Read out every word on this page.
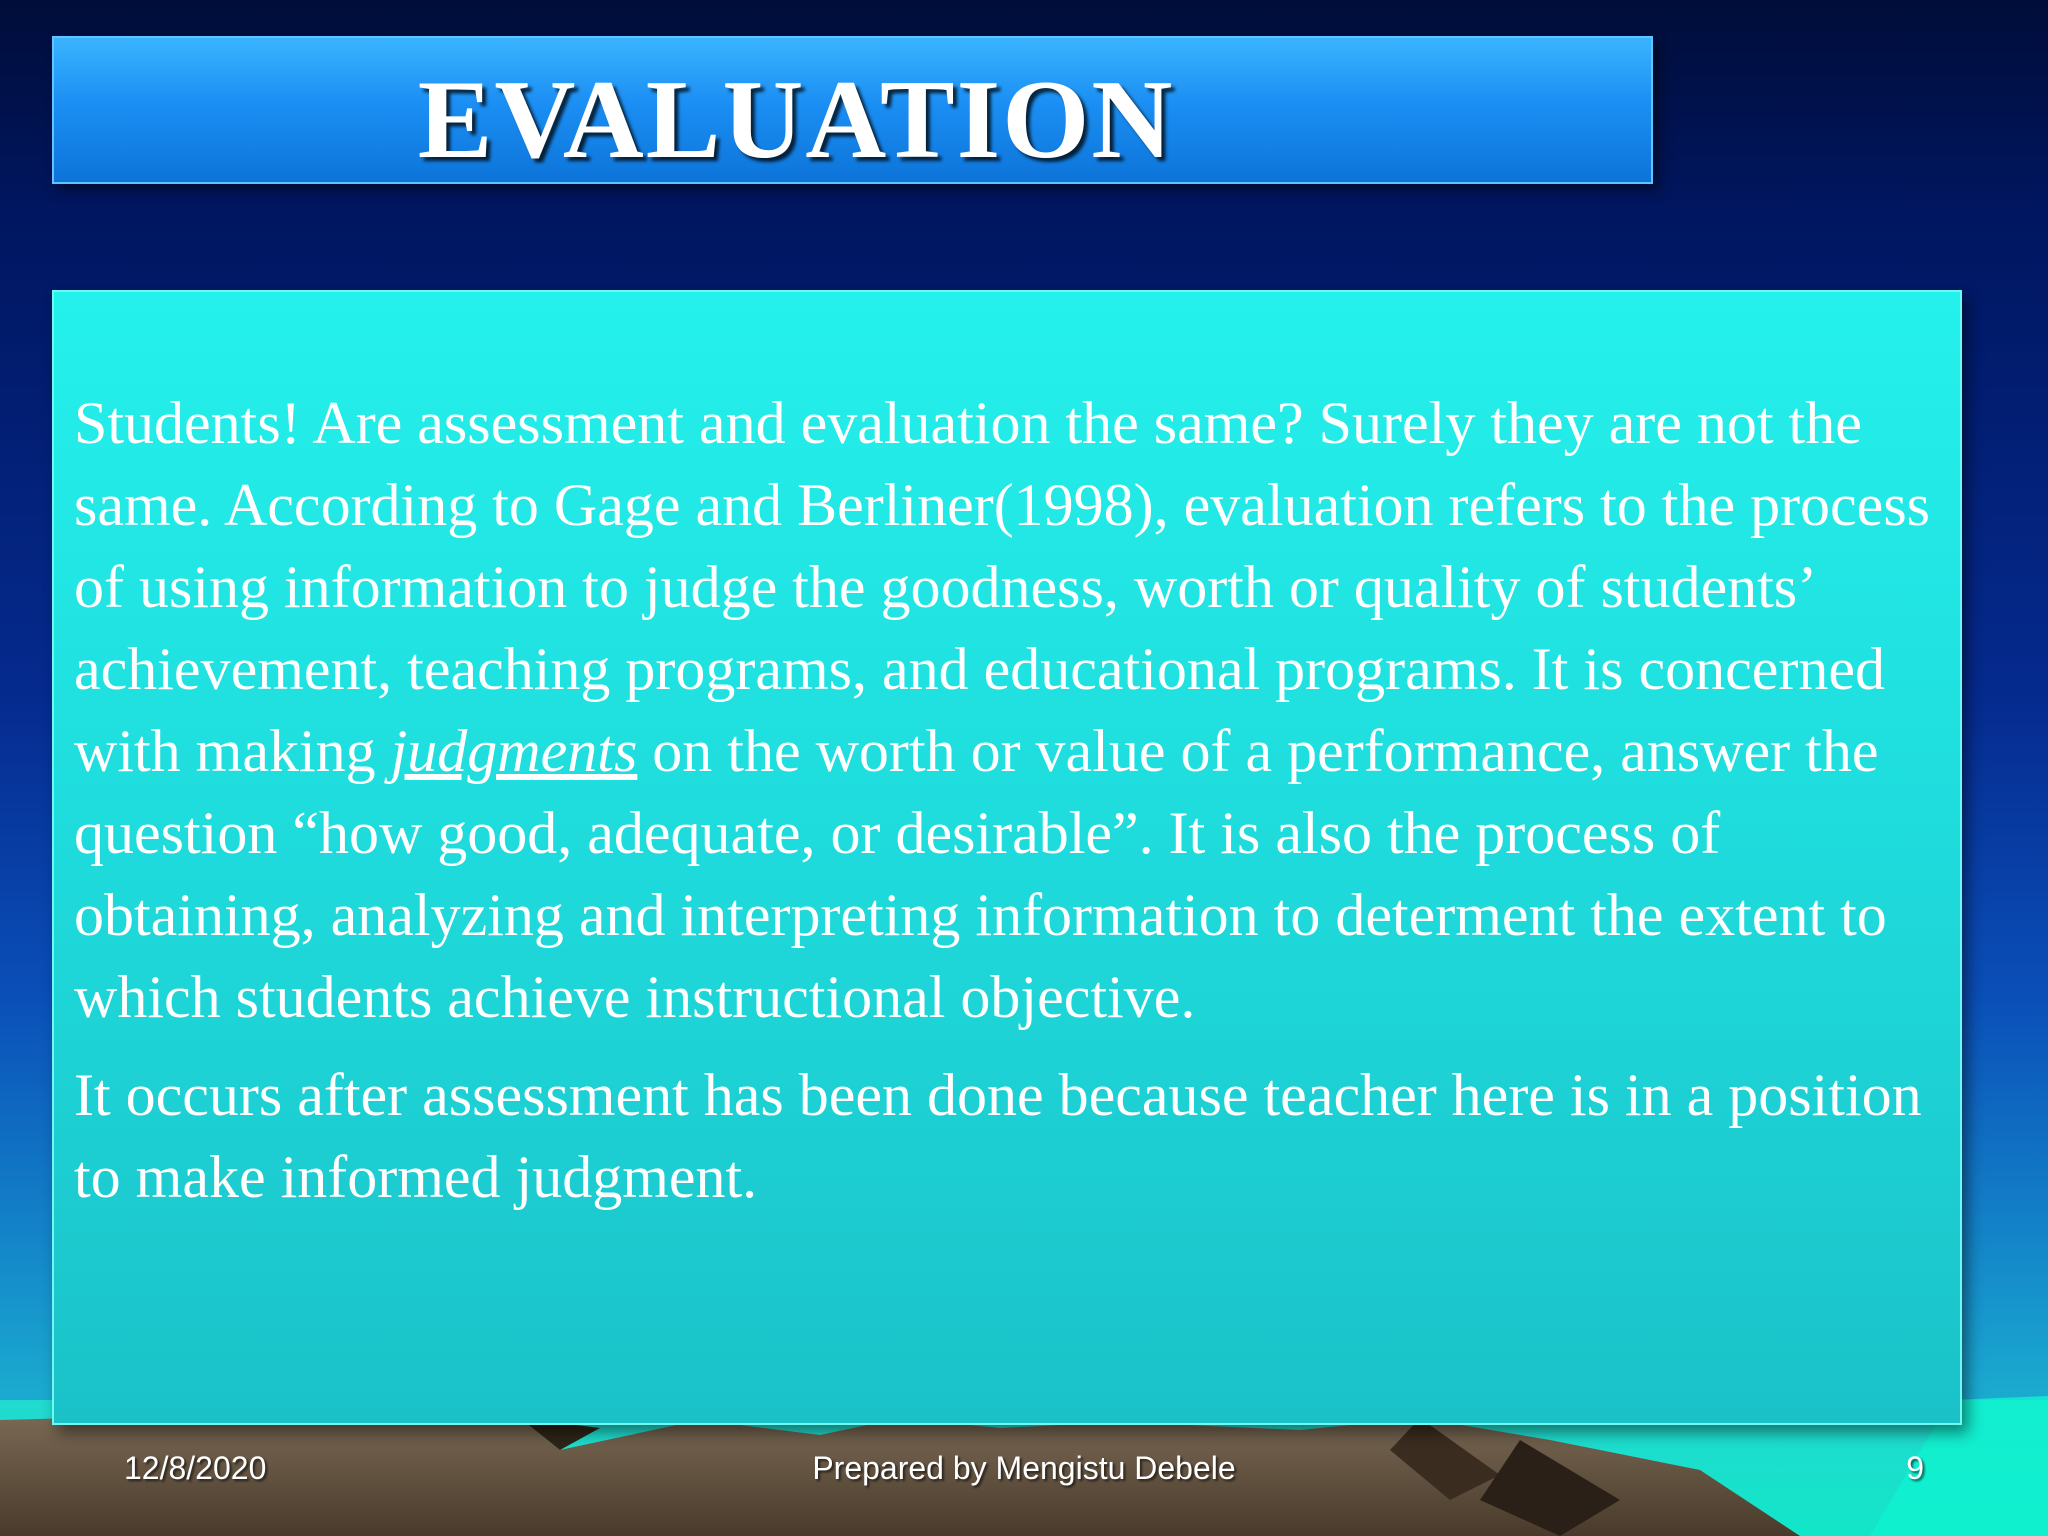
EVALUATION

Students! Are assessment and evaluation the same? Surely they are not the same. According to Gage and Berliner(1998), evaluation refers to the process of using information to judge the goodness, worth or quality of students’ achievement, teaching programs, and educational programs. It is concerned with making judgments on the worth or value of a performance, answer the question “how good, adequate, or desirable”. It is also the process of obtaining, analyzing and interpreting information to determent the extent to which students achieve instructional objective.

It occurs after assessment has been done because teacher here is in a position to make informed judgment.

12/8/2020	Prepared by Mengistu Debele	9
